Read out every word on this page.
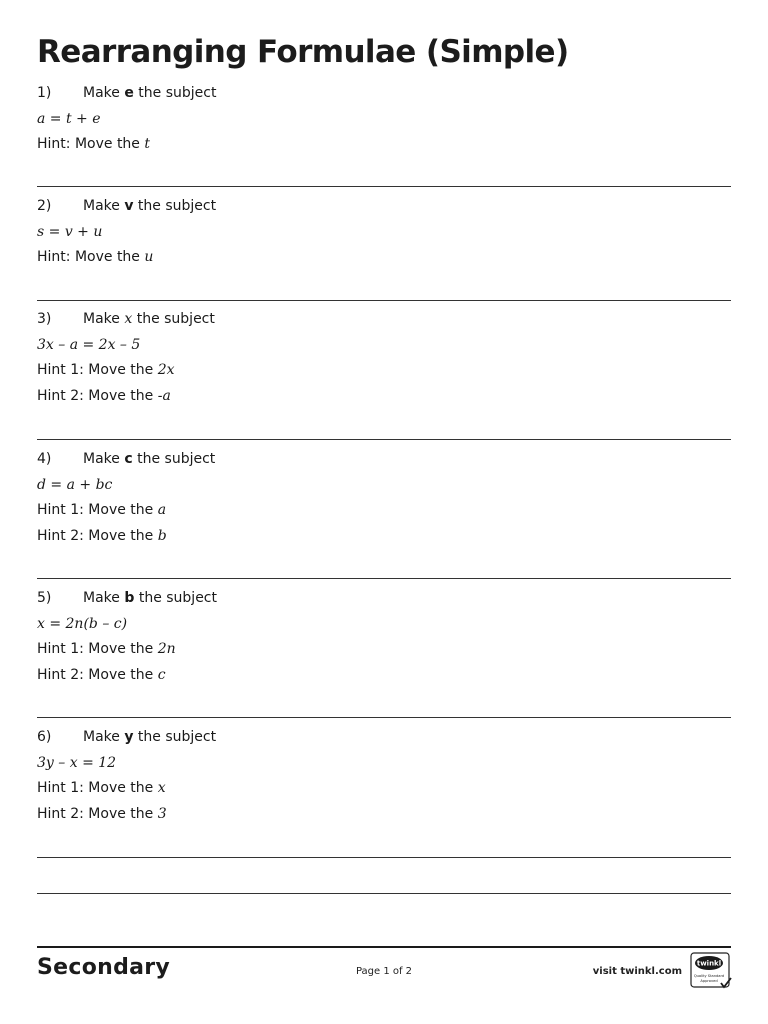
Rearranging Formulae (Simple)
1) Make e the subject
a = t + e
Hint: Move the t
2) Make v the subject
s = v + u
Hint: Move the u
3) Make x the subject
3x – a = 2x – 5
Hint 1: Move the 2x
Hint 2: Move the -a
4) Make c the subject
d = a + bc
Hint 1: Move the a
Hint 2: Move the b
5) Make b the subject
x = 2n(b – c)
Hint 1: Move the 2n
Hint 2: Move the c
6) Make y the subject
3y – x = 12
Hint 1: Move the x
Hint 2: Move the 3
Secondary	Page 1 of 2	visit twinkl.com
twinkl
Quality Standard
Approved
